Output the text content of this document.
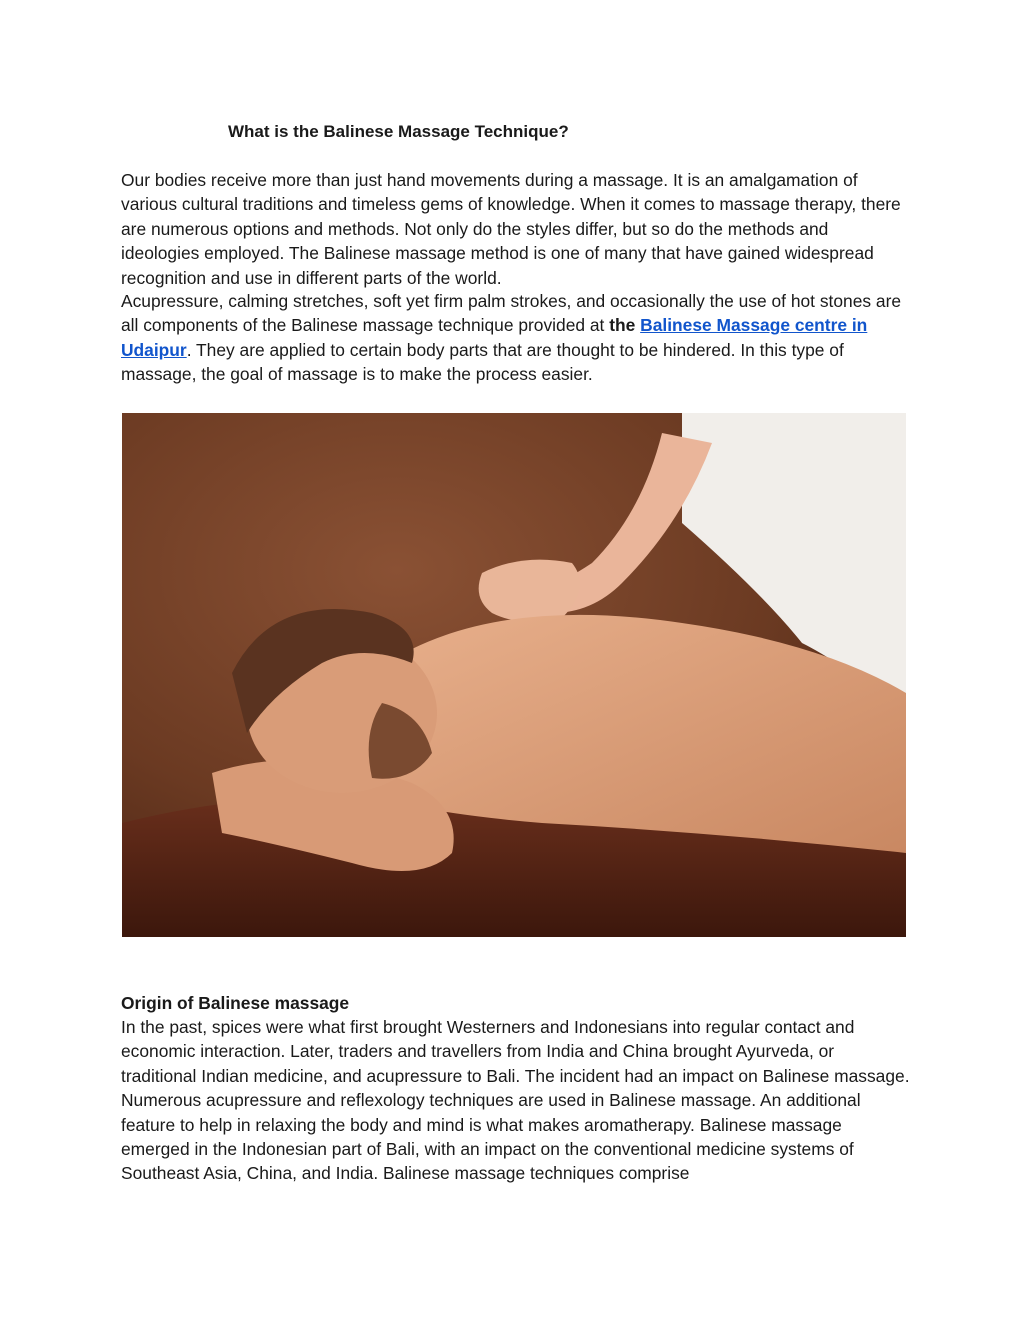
What is the Balinese Massage Technique?

Our bodies receive more than just hand movements during a massage. It is an amalgamation of various cultural traditions and timeless gems of knowledge. When it comes to massage therapy, there are numerous options and methods. Not only do the styles differ, but so do the methods and ideologies employed. The Balinese massage method is one of many that have gained widespread recognition and use in different parts of the world.

Acupressure, calming stretches, soft yet firm palm strokes, and occasionally the use of hot stones are all components of the Balinese massage technique provided at the Balinese Massage centre in Udaipur. They are applied to certain body parts that are thought to be hindered. In this type of massage, the goal of massage is to make the process easier.

Origin of Balinese massage

In the past, spices were what first brought Westerners and Indonesians into regular contact and economic interaction. Later, traders and travellers from India and China brought Ayurveda, or traditional Indian medicine, and acupressure to Bali. The incident had an impact on Balinese massage. Numerous acupressure and reflexology techniques are used in Balinese massage. An additional feature to help in relaxing the body and mind is what makes aromatherapy. Balinese massage emerged in the Indonesian part of Bali, with an impact on the conventional medicine systems of Southeast Asia, China, and India. Balinese massage techniques comprise
